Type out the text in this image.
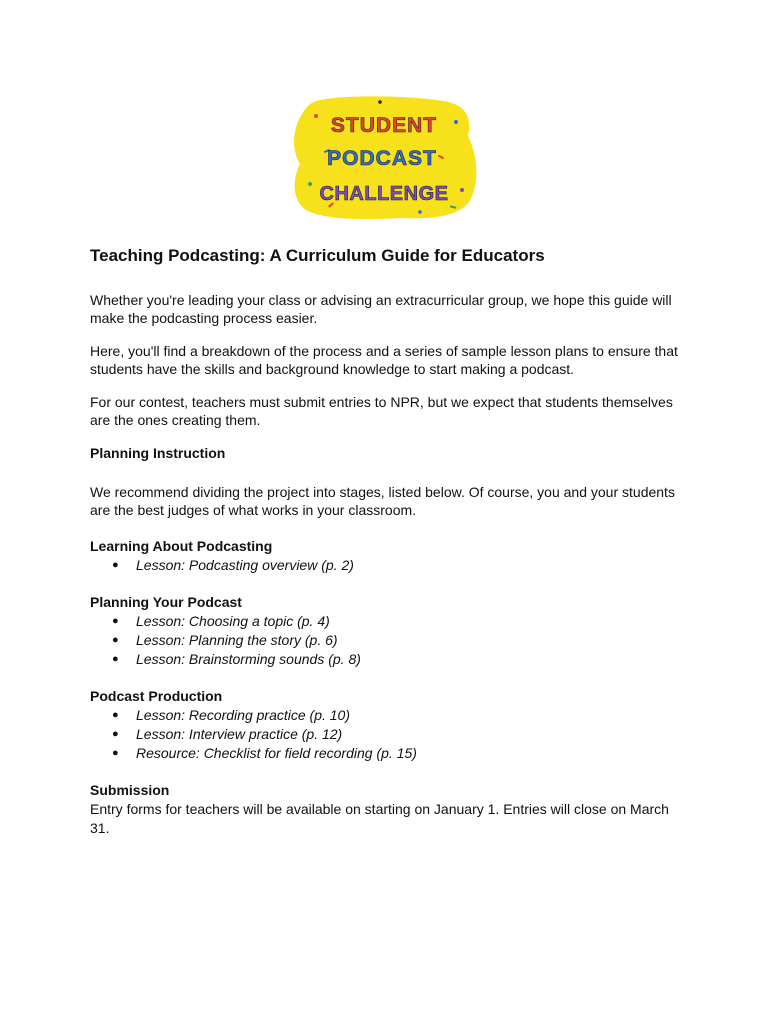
STUDENT
PODCAST
CHALLENGE
Teaching Podcasting: A Curriculum Guide for Educators

Whether you're leading your class or advising an extracurricular group, we hope this guide will make the podcasting process easier.

Here, you'll find a breakdown of the process and a series of sample lesson plans to ensure that students have the skills and background knowledge to start making a podcast.

For our contest, teachers must submit entries to NPR, but we expect that students themselves are the ones creating them.

Planning Instruction

We recommend dividing the project into stages, listed below. Of course, you and your students are the best judges of what works in your classroom.

Learning About Podcasting
● Lesson: Podcasting overview (p. 2)
Planning Your Podcast
● Lesson: Choosing a topic (p. 4)
● Lesson: Planning the story (p. 6)
● Lesson: Brainstorming sounds (p. 8)
Podcast Production
● Lesson: Recording practice (p. 10)
● Lesson: Interview practice (p. 12)
● Resource: Checklist for field recording (p. 15)
Submission

Entry forms for teachers will be available on starting on January 1. Entries will close on March 31.
